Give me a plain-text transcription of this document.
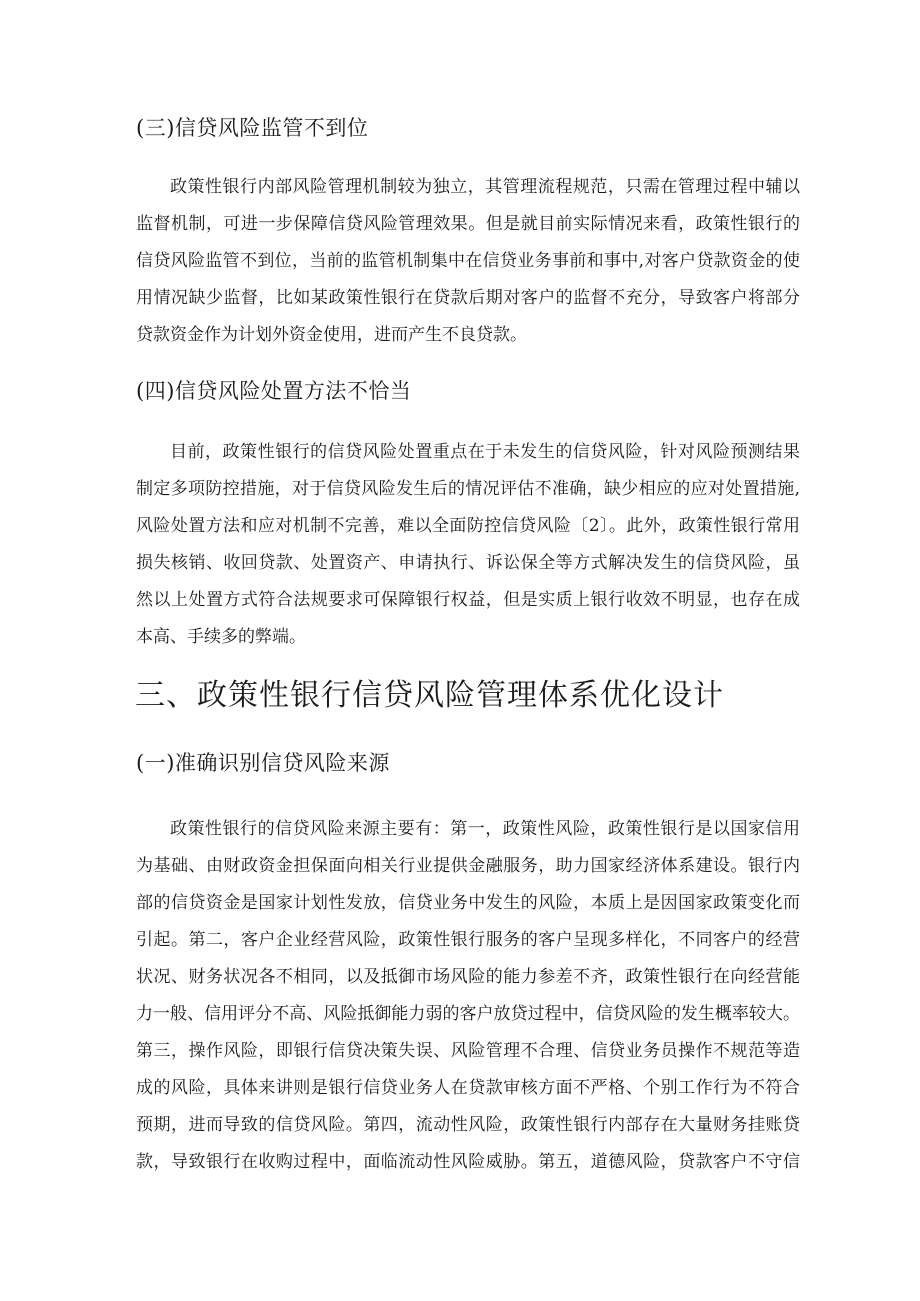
(三)信贷风险监管不到位
政策性银行内部风险管理机制较为独立，其管理流程规范，只需在管理过程中辅以
监督机制，可进一步保障信贷风险管理效果。但是就目前实际情况来看，政策性银行的
信贷风险监管不到位，当前的监管机制集中在信贷业务事前和事中,对客户贷款资金的使
用情况缺少监督，比如某政策性银行在贷款后期对客户的监督不充分，导致客户将部分
贷款资金作为计划外资金使用，进而产生不良贷款。
(四)信贷风险处置方法不恰当
目前，政策性银行的信贷风险处置重点在于未发生的信贷风险，针对风险预测结果
制定多项防控措施，对于信贷风险发生后的情况评估不准确，缺少相应的应对处置措施,
风险处置方法和应对机制不完善，难以全面防控信贷风险〔2〕。此外，政策性银行常用
损失核销、收回贷款、处置资产、申请执行、诉讼保全等方式解决发生的信贷风险，虽
然以上处置方式符合法规要求可保障银行权益，但是实质上银行收效不明显，也存在成
本高、手续多的弊端。
三、政策性银行信贷风险管理体系优化设计
(一)准确识别信贷风险来源
政策性银行的信贷风险来源主要有：第一，政策性风险，政策性银行是以国家信用
为基础、由财政资金担保面向相关行业提供金融服务，助力国家经济体系建设。银行内
部的信贷资金是国家计划性发放，信贷业务中发生的风险，本质上是因国家政策变化而
引起。第二，客户企业经营风险，政策性银行服务的客户呈现多样化，不同客户的经营
状况、财务状况各不相同，以及抵御市场风险的能力参差不齐，政策性银行在向经营能
力一般、信用评分不高、风险抵御能力弱的客户放贷过程中，信贷风险的发生概率较大。
第三，操作风险，即银行信贷决策失误、风险管理不合理、信贷业务员操作不规范等造
成的风险，具体来讲则是银行信贷业务人在贷款审核方面不严格、个别工作行为不符合
预期，进而导致的信贷风险。第四，流动性风险，政策性银行内部存在大量财务挂账贷
款，导致银行在收购过程中，面临流动性风险威胁。第五，道德风险，贷款客户不守信
